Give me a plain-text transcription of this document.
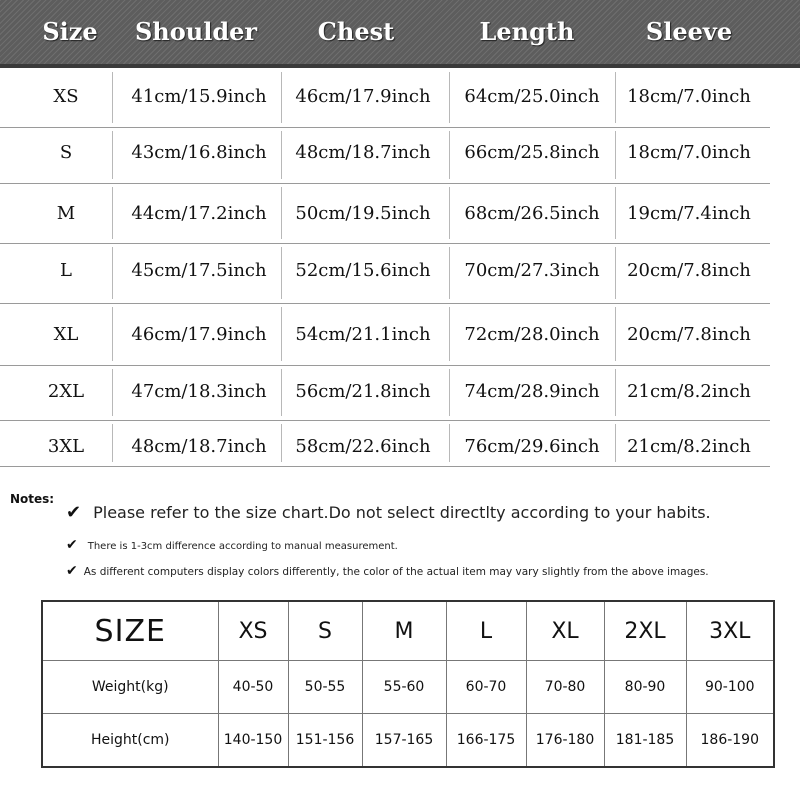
Size	Shoulder	Chest	Length	Sleeve
XS	41cm/15.9inch	46cm/17.9inch	64cm/25.0inch	18cm/7.0inch
S	43cm/16.8inch	48cm/18.7inch	66cm/25.8inch	18cm/7.0inch
M	44cm/17.2inch	50cm/19.5inch	68cm/26.5inch	19cm/7.4inch
L	45cm/17.5inch	52cm/15.6inch	70cm/27.3inch	20cm/7.8inch
XL	46cm/17.9inch	54cm/21.1inch	72cm/28.0inch	20cm/7.8inch
2XL	47cm/18.3inch	56cm/21.8inch	74cm/28.9inch	21cm/8.2inch
3XL	48cm/18.7inch	58cm/22.6inch	76cm/29.6inch	21cm/8.2inch
Notes:
✔ Please refer to the size chart.Do not select directlty according to your habits.
✔ There is 1-3cm difference according to manual measurement.
✔ As different computers display colors differently, the color of the actual item may vary slightly from the above images.
SIZE	XS	S	M	L	XL	2XL	3XL
Weight(kg)	40-50	50-55	55-60	60-70	70-80	80-90	90-100
Height(cm)	140-150	151-156	157-165	166-175	176-180	181-185	186-190
